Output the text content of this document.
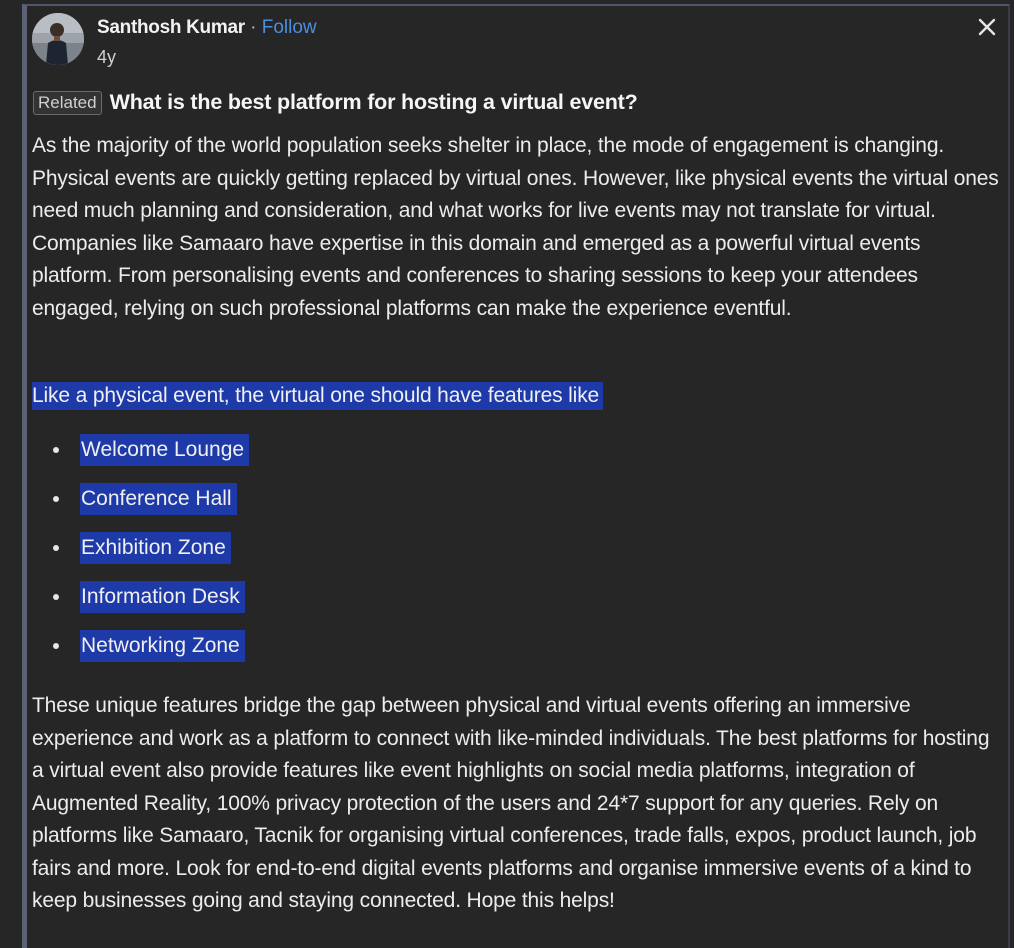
Santhosh Kumar · Follow
4y
Related What is the best platform for hosting a virtual event?
As the majority of the world population seeks shelter in place, the mode of engagement is changing. Physical events are quickly getting replaced by virtual ones. However, like physical events the virtual ones need much planning and consideration, and what works for live events may not translate for virtual. Companies like Samaaro have expertise in this domain and emerged as a powerful virtual events platform. From personalising events and conferences to sharing sessions to keep your attendees engaged, relying on such professional platforms can make the experience eventful.
Like a physical event, the virtual one should have features like
Welcome Lounge
Conference Hall
Exhibition Zone
Information Desk
Networking Zone
These unique features bridge the gap between physical and virtual events offering an immersive experience and work as a platform to connect with like-minded individuals. The best platforms for hosting a virtual event also provide features like event highlights on social media platforms, integration of Augmented Reality, 100% privacy protection of the users and 24*7 support for any queries. Rely on platforms like Samaaro, Tacnik for organising virtual conferences, trade falls, expos, product launch, job fairs and more. Look for end-to-end digital events platforms and organise immersive events of a kind to keep businesses going and staying connected. Hope this helps!
